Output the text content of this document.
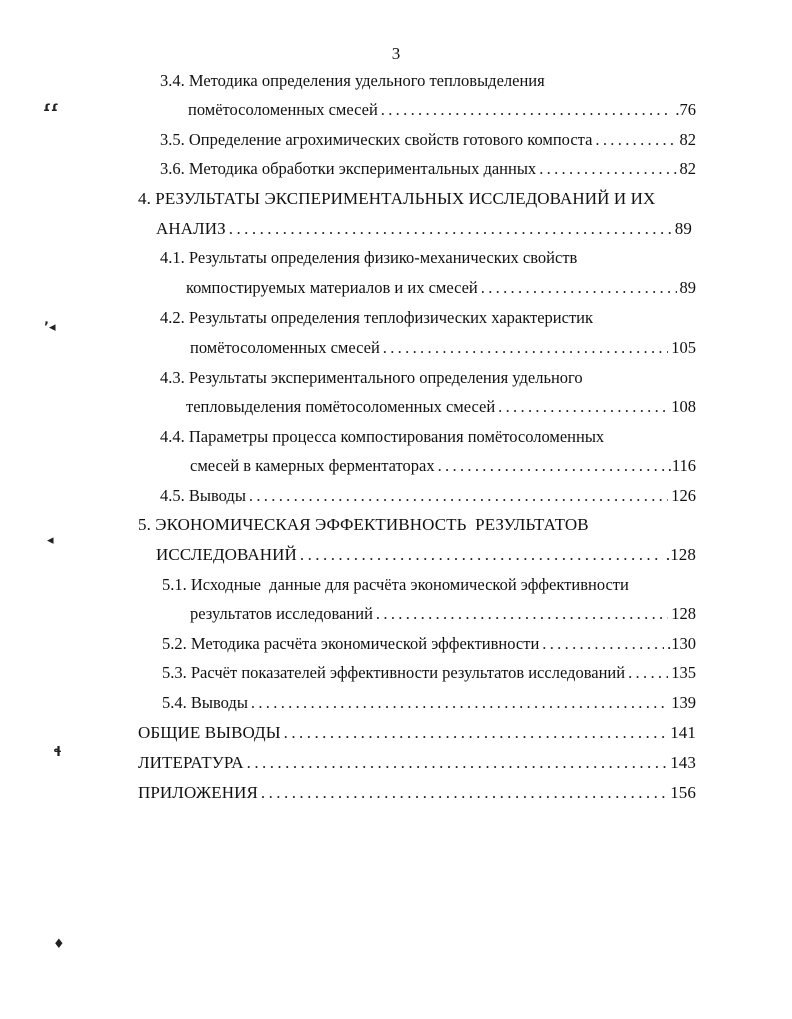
3
3.4. Методика определения удельного тепловыделения
помётосоломенных смесей . . .	.76
3.5. Определение агрохимических свойств готового компоста . . .	82
3.6. Методика обработки экспериментальных данных . . .	82
4. РЕЗУЛЬТАТЫ ЭКСПЕРИМЕНТАЛЬНЫХ ИССЛЕДОВАНИЙ И ИХ
АНАЛИЗ . . .	89
4.1. Результаты определения физико-механических свойств
компостируемых материалов и их смесей . . .	89
4.2. Результаты определения теплофизических характеристик
помётосоломенных смесей . . .	105
4.3. Результаты экспериментального определения удельного
тепловыделения помётосоломенных смесей . . .	108
4.4. Параметры процесса компостирования помётосоломенных
смесей в камерных ферментаторах . . .	.116
4.5. Выводы . . .	126
5. ЭКОНОМИЧЕСКАЯ ЭФФЕКТИВНОСТЬ  РЕЗУЛЬТАТОВ
ИССЛЕДОВАНИЙ . . .	.128
5.1. Исходные  данные для расчёта экономической эффективности
результатов исследований . . .	128
5.2. Методика расчёта экономической эффективности . . .	.130
5.3. Расчёт показателей эффективности результатов исследований . . .	135
5.4. Выводы . . .	139
ОБЩИЕ ВЫВОДЫ . . .	141
ЛИТЕРАТУРА . . .	143
ПРИЛОЖЕНИЯ . . .	156
ɾɾ
ʼ◂
◂
ɬ
♦
